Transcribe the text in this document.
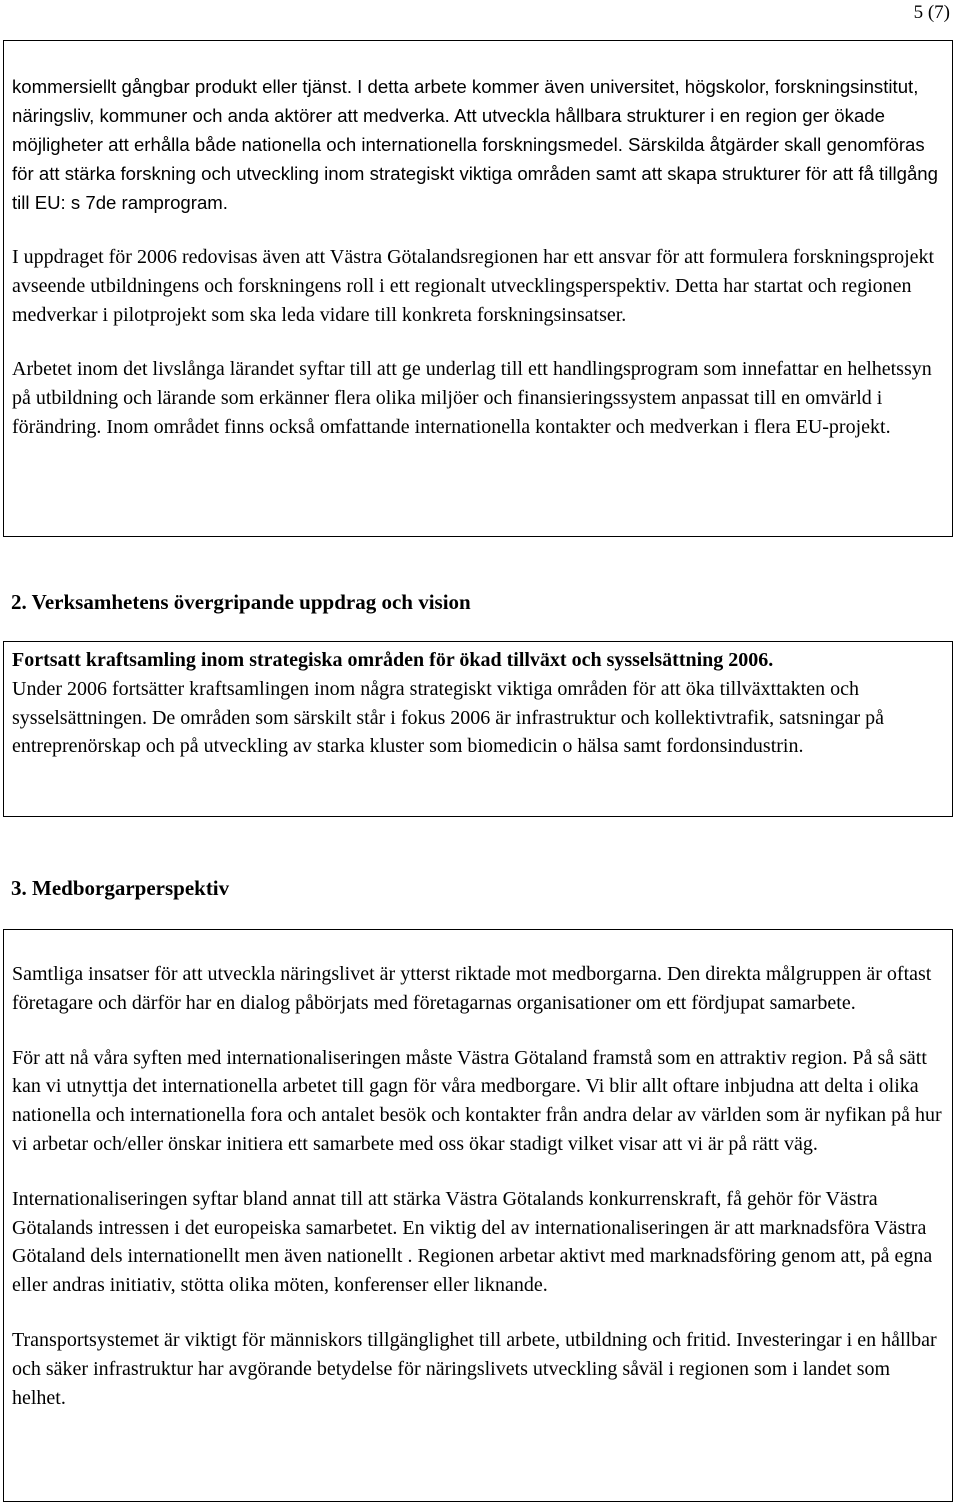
5 (7)

kommersiellt gångbar produkt eller tjänst. I detta arbete kommer även universitet, högskolor, forskningsinstitut, näringsliv, kommuner och anda aktörer att medverka. Att utveckla hållbara strukturer i en region ger ökade möjligheter att erhålla både nationella och internationella forskningsmedel. Särskilda åtgärder skall genomföras för att stärka forskning och utveckling inom strategiskt viktiga områden samt att skapa strukturer för att få tillgång till EU: s 7de ramprogram.

I uppdraget för 2006 redovisas även att Västra Götalandsregionen har ett ansvar för att formulera forskningsprojekt avseende utbildningens och forskningens roll i ett regionalt utvecklingsperspektiv. Detta har startat och regionen medverkar i pilotprojekt som ska leda vidare till konkreta forskningsinsatser.

Arbetet inom det livslånga lärandet syftar till att ge underlag till ett handlingsprogram som innefattar en helhetssyn på utbildning och lärande som erkänner flera olika miljöer och finansieringssystem anpassat till en omvärld i förändring. Inom området finns också omfattande internationella kontakter och medverkan i flera EU-projekt.

2. Verksamhetens övergripande uppdrag och vision

Fortsatt kraftsamling inom strategiska områden för ökad tillväxt och sysselsättning 2006.

Under 2006 fortsätter kraftsamlingen inom några strategiskt viktiga områden för att öka tillväxttakten och sysselsättningen. De områden som särskilt står i fokus 2006 är infrastruktur och kollektivtrafik, satsningar på entreprenörskap och på utveckling av starka kluster som biomedicin o hälsa samt fordonsindustrin.

3. Medborgarperspektiv

Samtliga insatser för att utveckla näringslivet är ytterst riktade mot medborgarna. Den direkta målgruppen är oftast företagare och därför har en dialog påbörjats med företagarnas organisationer om ett fördjupat samarbete.

För att nå våra syften med internationaliseringen måste Västra Götaland framstå som en attraktiv region. På så sätt kan vi utnyttja det internationella arbetet till gagn för våra medborgare. Vi blir allt oftare inbjudna att delta i olika nationella och internationella fora och antalet besök och kontakter från andra delar av världen som är nyfikan på hur vi arbetar och/eller önskar initiera ett samarbete med oss ökar stadigt vilket visar att vi är på rätt väg.

Internationaliseringen syftar bland annat till att stärka Västra Götalands konkurrenskraft, få gehör för Västra Götalands intressen i det europeiska samarbetet. En viktig del av internationaliseringen är att marknadsföra Västra Götaland dels internationellt men även nationellt . Regionen arbetar aktivt med marknadsföring genom att, på egna eller andras initiativ, stötta olika möten, konferenser eller liknande.

Transportsystemet är viktigt för människors tillgänglighet till arbete, utbildning och fritid. Investeringar i en hållbar och säker infrastruktur har avgörande betydelse för näringslivets utveckling såväl i regionen som i landet som helhet.
